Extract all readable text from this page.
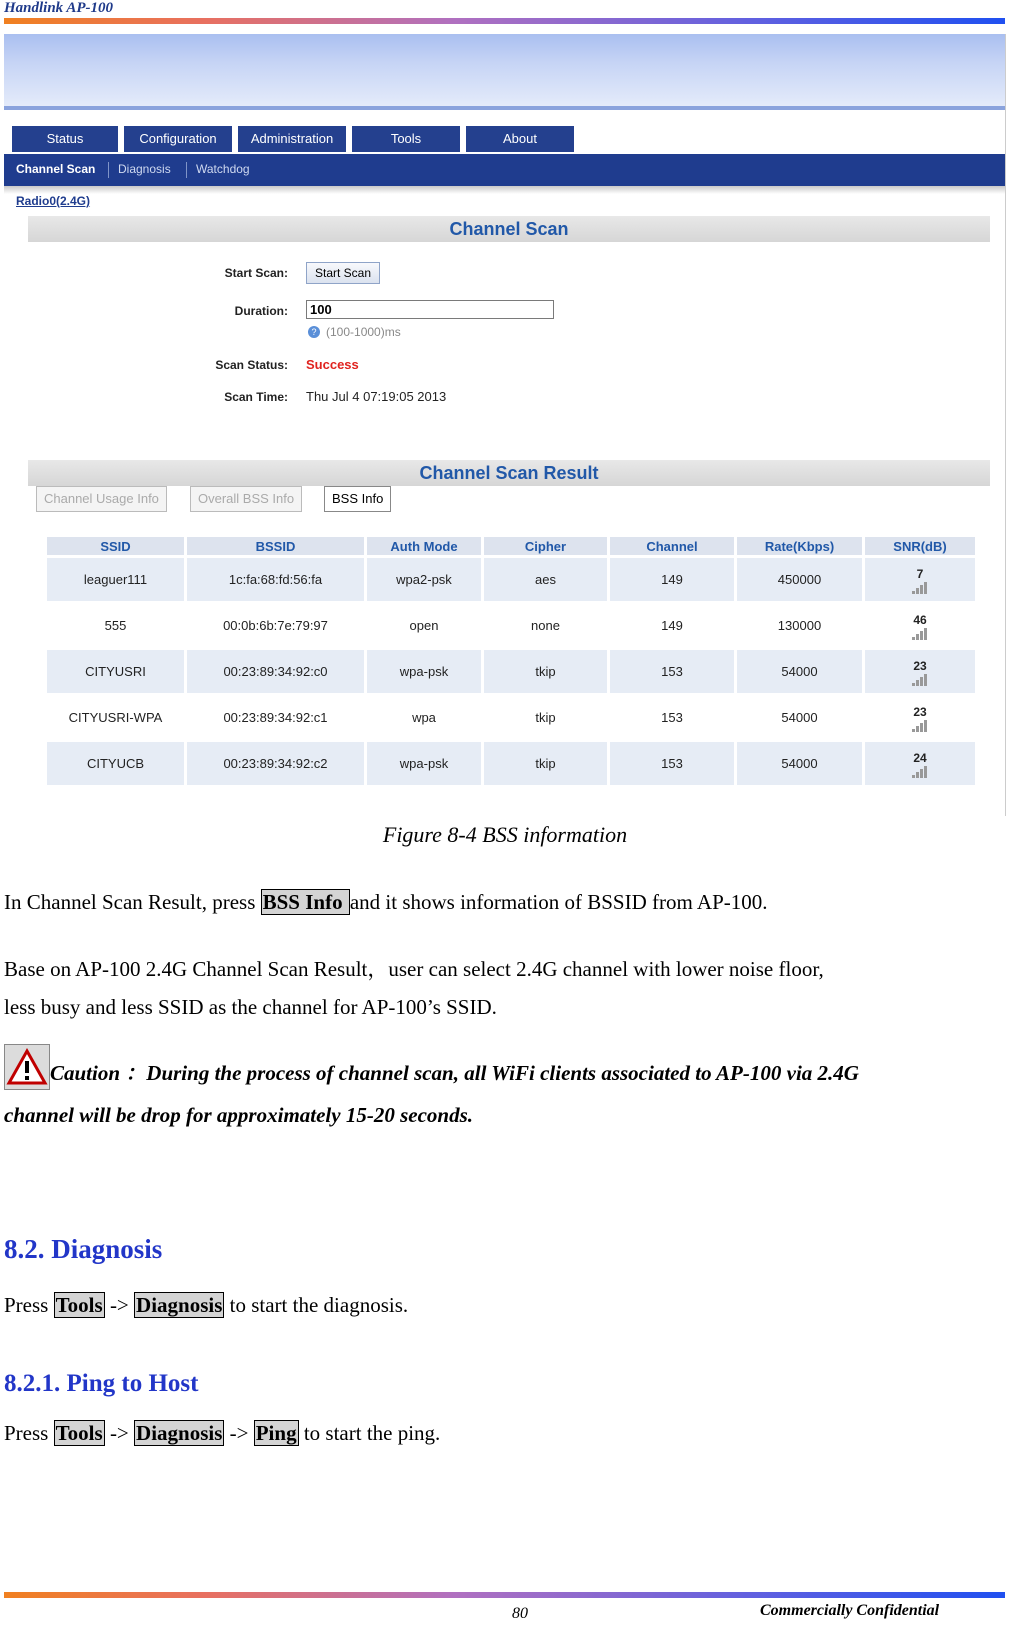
Handlink AP-100
Status	Configuration	Administration	Tools	About
Channel Scan Diagnosis Watchdog
Radio0(2.4G)
Channel Scan
Start Scan:	Start Scan
Duration:	100
? (100-1000)ms
Scan Status: Success
Scan Time: Thu Jul 4 07:19:05 2013
Channel Scan Result
Channel Usage Info	Overall BSS Info	BSS Info
SSID	BSSID	Auth Mode	Cipher	Channel	Rate(Kbps)	SNR(dB)
leaguer111	1c:fa:68:fd:56:fa	wpa2-psk	aes	149	450000	7

555	00:0b:6b:7e:79:97	open	none	149	130000	46

CITYUSRI	00:23:89:34:92:c0	wpa-psk	tkip	153	54000	23

CITYUSRI-WPA	00:23:89:34:92:c1	wpa	tkip	153	54000	23

CITYUCB	00:23:89:34:92:c2	wpa-psk	tkip	153	54000	24
Figure 8-4 BSS information
In Channel Scan Result, press BSS Info and it shows information of BSSID from AP-100.
Base on AP-100 2.4G Channel Scan Result，user can select 2.4G channel with lower noise floor,
less busy and less SSID as the channel for AP-100’s SSID.
Caution ：During the process of channel scan, all WiFi clients associated to AP-100 via 2.4G
channel will be drop for approximately 15-20 seconds.
8.2. Diagnosis
Press Tools -> Diagnosis to start the diagnosis.
8.2.1. Ping to Host
Press Tools -> Diagnosis -> Ping to start the ping.
80	Commercially Confidential
